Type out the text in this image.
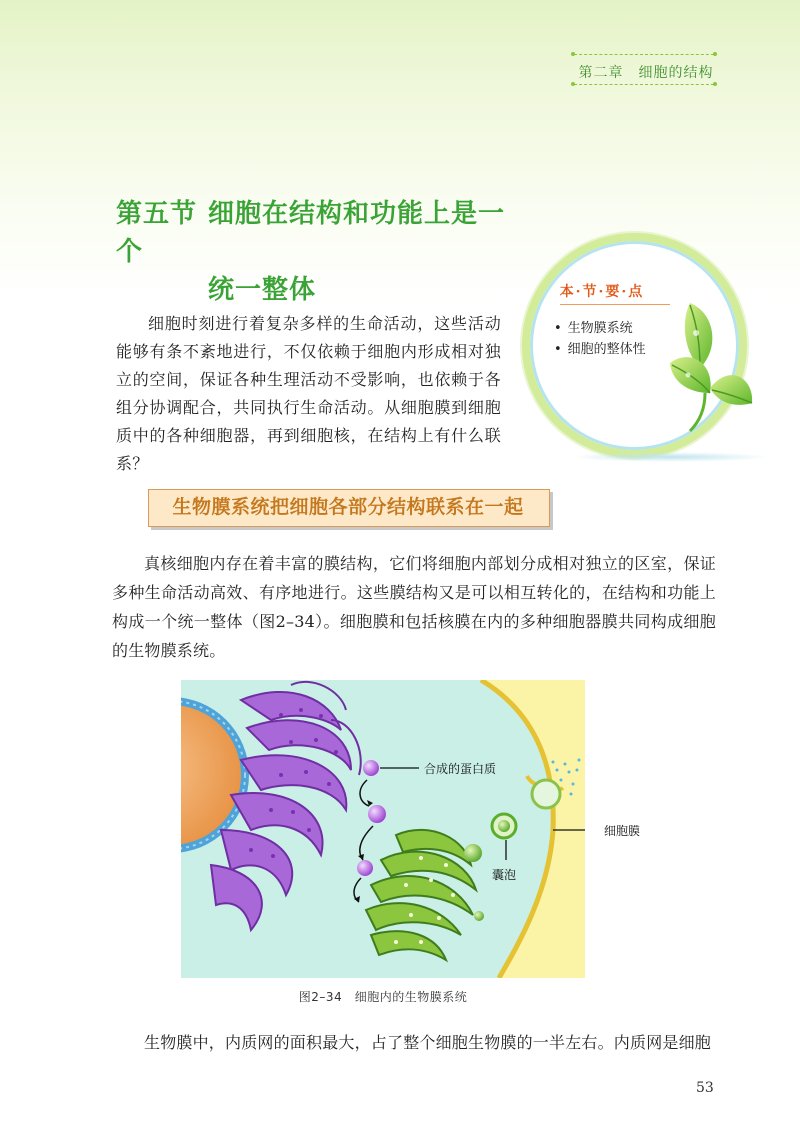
第二章　细胞的结构
第五节 细胞在结构和功能上是一个
统一整体
细胞时刻进行着复杂多样的生命活动，这些活动能够有条不紊地进行，不仅依赖于细胞内形成相对独立的空间，保证各种生理活动不受影响，也依赖于各组分协调配合，共同执行生命活动。从细胞膜到细胞质中的各种细胞器，再到细胞核，在结构上有什么联系？
本·节·要·点
• 生物膜系统
• 细胞的整体性
生物膜系统把细胞各部分结构联系在一起
真核细胞内存在着丰富的膜结构，它们将细胞内部划分成相对独立的区室，保证多种生命活动高效、有序地进行。这些膜结构又是可以相互转化的，在结构和功能上构成一个统一整体（图2–34）。细胞膜和包括核膜在内的多种细胞器膜共同构成细胞的生物膜系统。
合成的蛋白质
细胞膜
囊泡
图2–34　细胞内的生物膜系统
生物膜中，内质网的面积最大，占了整个细胞生物膜的一半左右。内质网是细胞
53
